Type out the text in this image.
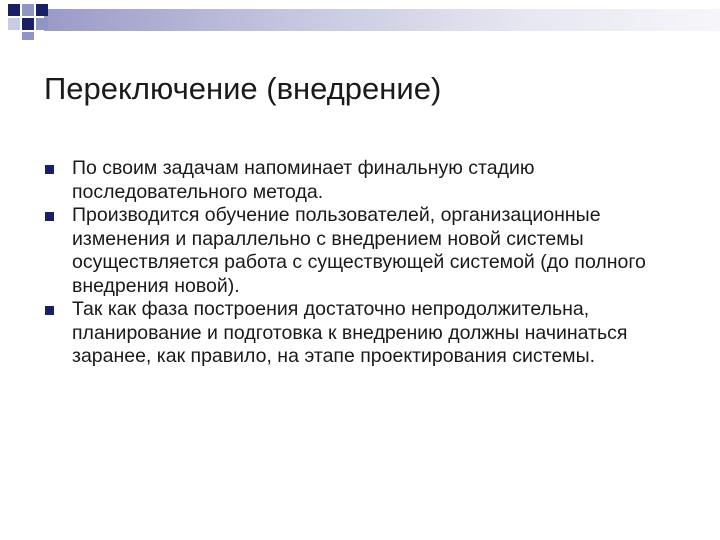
Переключение (внедрение)
По своим задачам напоминает финальную стадию последовательного метода.
Производится обучение пользователей, организационные изменения и параллельно с внедрением новой системы осуществляется работа с существующей системой (до полного внедрения новой).
Так как фаза построения достаточно непродолжительна, планирование и подготовка к внедрению должны начинаться заранее, как правило, на этапе проектирования системы.
